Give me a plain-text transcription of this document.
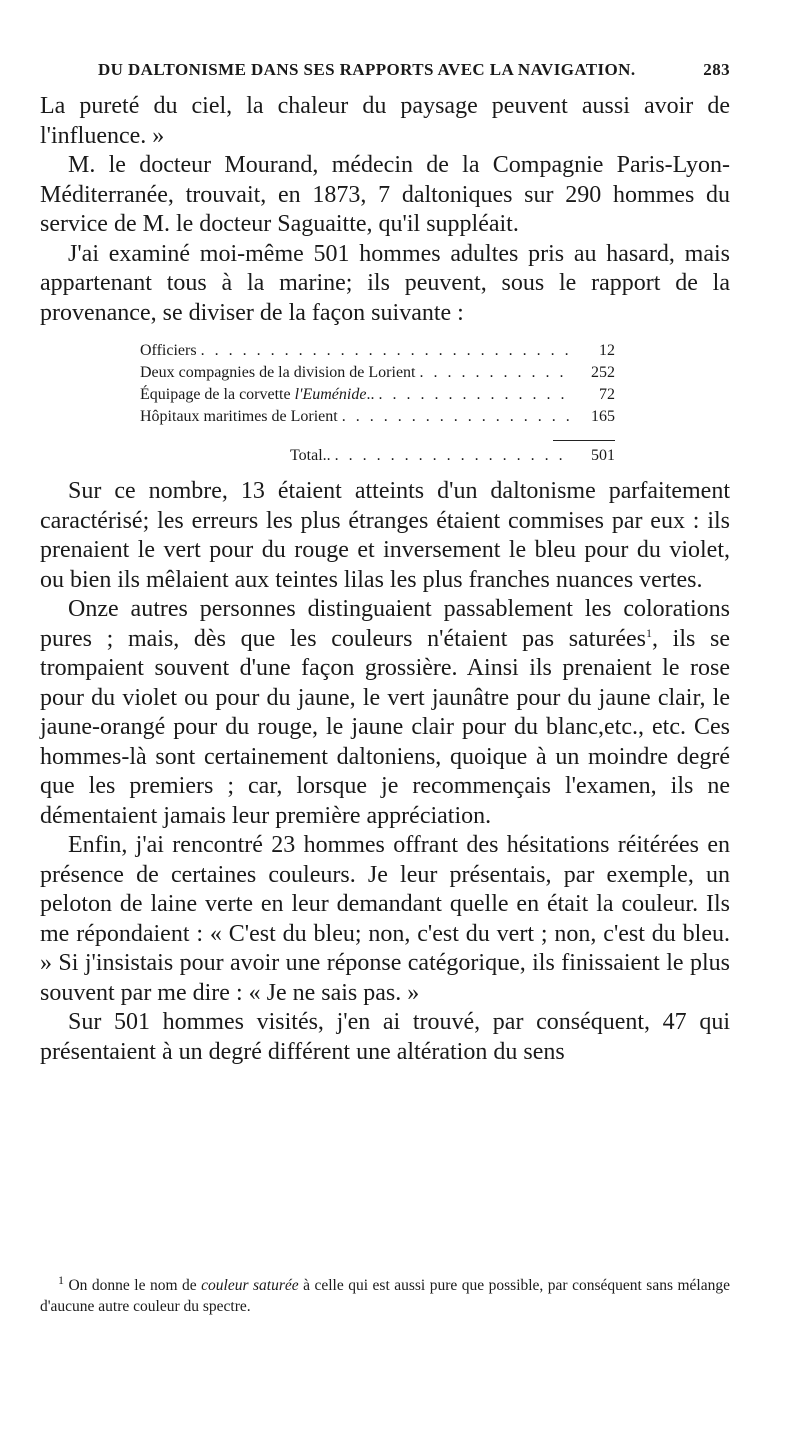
DU DALTONISME DANS SES RAPPORTS AVEC LA NAVIGATION.	283

La pureté du ciel, la chaleur du paysage peuvent aussi avoir de l'influence. »

M. le docteur Mourand, médecin de la Compagnie Paris-Lyon-Méditerranée, trouvait, en 1873, 7 daltoniques sur 290 hommes du service de M. le docteur Saguaitte, qu'il suppléait.

J'ai examiné moi-même 501 hommes adultes pris au hasard, mais appartenant tous à la marine; ils peuvent, sous le rapport de la provenance, se diviser de la façon suivante :

Officiers . . .	12
Deux compagnies de la division de Lorient . . .	252
Équipage de la corvette l'Euménide.. . . .	72
Hôpitaux maritimes de Lorient . . .	165
Total.. . . .	501

Sur ce nombre, 13 étaient atteints d'un daltonisme parfaitement caractérisé; les erreurs les plus étranges étaient commises par eux : ils prenaient le vert pour du rouge et inversement le bleu pour du violet, ou bien ils mêlaient aux teintes lilas les plus franches nuances vertes.

Onze autres personnes distinguaient passablement les colorations pures ; mais, dès que les couleurs n'étaient pas saturées$^1$, ils se trompaient souvent d'une façon grossière. Ainsi ils prenaient le rose pour du violet ou pour du jaune, le vert jaunâtre pour du jaune clair, le jaune-orangé pour du rouge, le jaune clair pour du blanc,etc., etc. Ces hommes-là sont certainement daltoniens, quoique à un moindre degré que les premiers ; car, lorsque je recommençais l'examen, ils ne démentaient jamais leur première appréciation.

Enfin, j'ai rencontré 23 hommes offrant des hésitations réitérées en présence de certaines couleurs. Je leur présentais, par exemple, un peloton de laine verte en leur demandant quelle en était la couleur. Ils me répondaient : « C'est du bleu; non, c'est du vert ; non, c'est du bleu. » Si j'insistais pour avoir une réponse catégorique, ils finissaient le plus souvent par me dire : « Je ne sais pas. »

Sur 501 hommes visités, j'en ai trouvé, par conséquent, 47 qui présentaient à un degré différent une altération du sens

$^1$ On donne le nom de couleur saturée à celle qui est aussi pure que possible, par conséquent sans mélange d'aucune autre couleur du spectre.
